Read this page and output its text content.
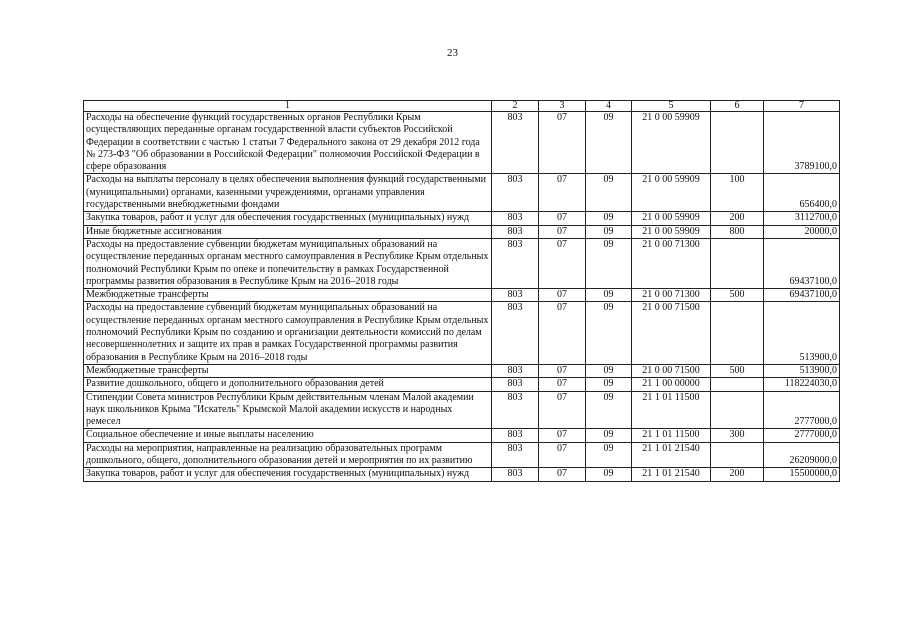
23
1	2	3	4	5	6	7
Расходы на обеспечение функций государственных органов Республики Крым осуществляющих переданные органам государственной власти субъектов Российской Федерации в соответствии с частью 1 статьи 7 Федерального закона от 29 декабря 2012 года № 273-ФЗ "Об образовании в Российской Федерации" полномочия Российской Федерации в сфере образования	803	07	09	21 0 00 59909		3789100,0

Расходы на выплаты персоналу в целях обеспечения выполнения функций государственными (муниципальными) органами, казенными учреждениями, органами управления государственными внебюджетными фондами	803	07	09	21 0 00 59909	100	656400,0

Закупка товаров, работ и услуг для обеспечения государственных (муниципальных) нужд	803	07	09	21 0 00 59909	200	3112700,0

Иные бюджетные ассигнования	803	07	09	21 0 00 59909	800	20000,0

Расходы на предоставление субвенции бюджетам муниципальных образований на осуществление переданных органам местного самоуправления в Республике Крым отдельных полномочий Республики Крым по опеке и попечительству в рамках Государственной программы развития образования в Республике Крым на 2016–2018 годы	803	07	09	21 0 00 71300		69437100,0

Межбюджетные трансферты	803	07	09	21 0 00 71300	500	69437100,0

Расходы на предоставление субвенций бюджетам муниципальных образований на осуществление переданных органам местного самоуправления в Республике Крым отдельных полномочий Республики Крым по созданию и организации деятельности комиссий по делам несовершеннолетних и защите их прав в рамках Государственной программы развития образования в Республике Крым на 2016–2018 годы	803	07	09	21 0 00 71500		513900,0

Межбюджетные трансферты	803	07	09	21 0 00 71500	500	513900,0

Развитие дошкольного, общего и дополнительного образования детей	803	07	09	21 1 00 00000		118224030,0

Стипендии Совета министров Республики Крым действительным членам Малой академии наук школьников Крыма "Искатель" Крымской Малой академии искусств и народных ремесел	803	07	09	21 1 01 11500		2777000,0

Социальное обеспечение и иные выплаты населению	803	07	09	21 1 01 11500	300	2777000,0

Расходы на мероприятия, направленные на реализацию образовательных программ дошкольного, общего, дополнительного образования детей и мероприятия по их развитию	803	07	09	21 1 01 21540		26209000,0

Закупка товаров, работ и услуг для обеспечения государственных (муниципальных) нужд	803	07	09	21 1 01 21540	200	15500000,0
